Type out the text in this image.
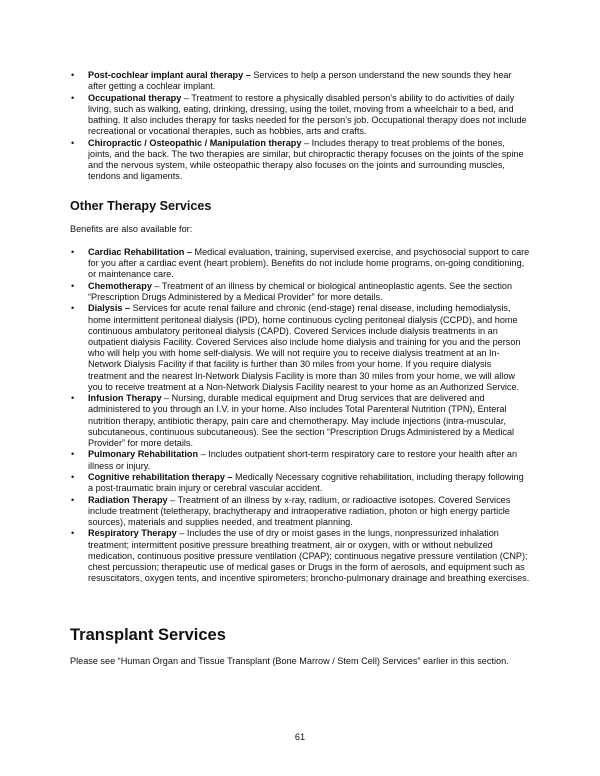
• Post-cochlear implant aural therapy – Services to help a person understand the new sounds they hear after getting a cochlear implant.
• Occupational therapy – Treatment to restore a physically disabled person’s ability to do activities of daily living, such as walking, eating, drinking, dressing, using the toilet, moving from a wheelchair to a bed, and bathing. It also includes therapy for tasks needed for the person’s job. Occupational therapy does not include recreational or vocational therapies, such as hobbies, arts and crafts.
• Chiropractic / Osteopathic / Manipulation therapy – Includes therapy to treat problems of the bones, joints, and the back. The two therapies are similar, but chiropractic therapy focuses on the joints of the spine and the nervous system, while osteopathic therapy also focuses on the joints and surrounding muscles, tendons and ligaments.
Other Therapy Services

Benefits are also available for:

• Cardiac Rehabilitation – Medical evaluation, training, supervised exercise, and psychosocial support to care for you after a cardiac event (heart problem). Benefits do not include home programs, on-going conditioning, or maintenance care.
• Chemotherapy – Treatment of an illness by chemical or biological antineoplastic agents. See the section “Prescription Drugs Administered by a Medical Provider” for more details.
• Dialysis – Services for acute renal failure and chronic (end-stage) renal disease, including hemodialysis, home intermittent peritoneal dialysis (IPD), home continuous cycling peritoneal dialysis (CCPD), and home continuous ambulatory peritoneal dialysis (CAPD). Covered Services include dialysis treatments in an outpatient dialysis Facility. Covered Services also include home dialysis and training for you and the person who will help you with home self-dialysis. We will not require you to receive dialysis treatment at an In-Network Dialysis Facility if that facility is further than 30 miles from your home. If you require dialysis treatment and the nearest In-Network Dialysis Facility is more than 30 miles from your home, we will allow you to receive treatment at a Non-Network Dialysis Facility nearest to your home as an Authorized Service.
• Infusion Therapy – Nursing, durable medical equipment and Drug services that are delivered and administered to you through an I.V. in your home. Also includes Total Parenteral Nutrition (TPN), Enteral nutrition therapy, antibiotic therapy, pain care and chemotherapy. May include injections (intra-muscular, subcutaneous, continuous subcutaneous). See the section “Prescription Drugs Administered by a Medical Provider” for more details.
• Pulmonary Rehabilitation – Includes outpatient short-term respiratory care to restore your health after an illness or injury.
• Cognitive rehabilitation therapy – Medically Necessary cognitive rehabilitation, including therapy following a post-traumatic brain injury or cerebral vascular accident.
• Radiation Therapy – Treatment of an illness by x-ray, radium, or radioactive isotopes. Covered Services include treatment (teletherapy, brachytherapy and intraoperative radiation, photon or high energy particle sources), materials and supplies needed, and treatment planning.
• Respiratory Therapy – Includes the use of dry or moist gases in the lungs, nonpressurized inhalation treatment; intermittent positive pressure breathing treatment, air or oxygen, with or without nebulized medication, continuous positive pressure ventilation (CPAP); continuous negative pressure ventilation (CNP); chest percussion; therapeutic use of medical gases or Drugs in the form of aerosols, and equipment such as resuscitators, oxygen tents, and incentive spirometers; broncho-pulmonary drainage and breathing exercises.
Transplant Services

Please see “Human Organ and Tissue Transplant (Bone Marrow / Stem Cell) Services” earlier in this section.

61
